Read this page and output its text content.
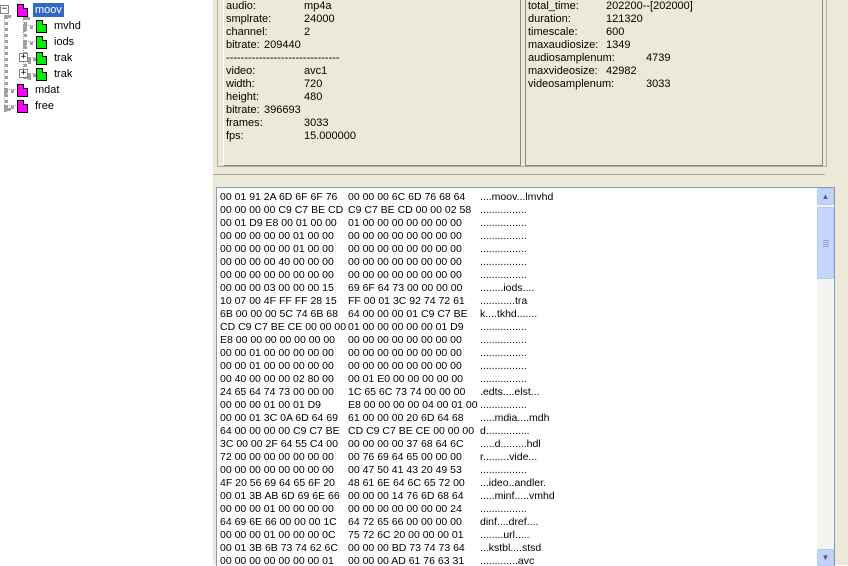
−
+
+
moov
mvhd
iods
trak
trak
mdat
free
audio:	mp4a
smplrate:	24000
channel:	2
bitrate: 209440
-------------------------------
video:	avc1
width:	720
height:	480
bitrate: 396693
frames:	3033
fps:	15.000000
total_time: 202200--[202000]
duration:	121320
timescale:	600
maxaudiosize: 1349
audiosamplenum:	4739
maxvideosize: 42982
videosamplenum:	3033
00 01 91 2A 6D 6F 6F 76 00 00 00 6C 6D 76 68 64 ....moov...lmvhd
00 00 00 00 C9 C7 BE CD C9 C7 BE CD 00 00 02 58 ................
00 01 D9 E8 00 01 00 00 01 00 00 00 00 00 00 00 ................
00 00 00 00 00 01 00 00 00 00 00 00 00 00 00 00 ................
00 00 00 00 00 01 00 00 00 00 00 00 00 00 00 00 ................
00 00 00 00 40 00 00 00 00 00 00 00 00 00 00 00 ................
00 00 00 00 00 00 00 00 00 00 00 00 00 00 00 00 ................
00 00 00 03 00 00 00 15 69 6F 64 73 00 00 00 00 ........iods....
10 07 00 4F FF FF 28 15 FF 00 01 3C 92 74 72 61 ............tra
6B 00 00 00 5C 74 6B 68 64 00 00 00 01 C9 C7 BE k....tkhd.......
CD C9 C7 BE CE 00 00 00 01 00 00 00 00 00 01 D9 ................
E8 00 00 00 00 00 00 00 00 00 00 00 00 00 00 00 ................
00 00 01 00 00 00 00 00 00 00 00 00 00 00 00 00 ................
00 00 01 00 00 00 00 00 00 00 00 00 00 00 00 00 ................
00 40 00 00 00 02 80 00 00 01 E0 00 00 00 00 00 ................
24 65 64 74 73 00 00 00 1C 65 6C 73 74 00 00 00 .edts....elst...
00 00 00 01 00 01 D9	E8 00 00 00 00 04 00 01 00 ................
00 00 01 3C 0A 6D 64 69 61 00 00 00 20 6D 64 68 .....mdia....mdh
64 00 00 00 00 C9 C7 BE CD C9 C7 BE CE 00 00 00 d...............
3C 00 00 2F 64 55 C4 00 00 00 00 00 37 68 64 6C .....d.........hdl
72 00 00 00 00 00 00 00 00 76 69 64 65 00 00 00 r.........vide...
00 00 00 00 00 00 00 00 00 47 50 41 43 20 49 53 ................
4F 20 56 69 64 65 6F 20 48 61 6E 64 6C 65 72 00 ...ideo..andler.
00 01 3B AB 6D 69 6E 66 00 00 00 14 76 6D 68 64 .....minf.....vmhd
00 00 00 01 00 00 00 00 00 00 00 00 00 00 00 24 ................
64 69 6E 66 00 00 00 1C 64 72 65 66 00 00 00 00 dinf....dref....
00 00 00 01 00 00 00 0C 75 72 6C 20 00 00 00 01 ........url.....
00 01 3B 6B 73 74 62 6C 00 00 00 BD 73 74 73 64 ...kstbl....stsd
00 00 00 00 00 00 00 01 00 00 00 AD 61 76 63 31 .............avc
▲
▼
